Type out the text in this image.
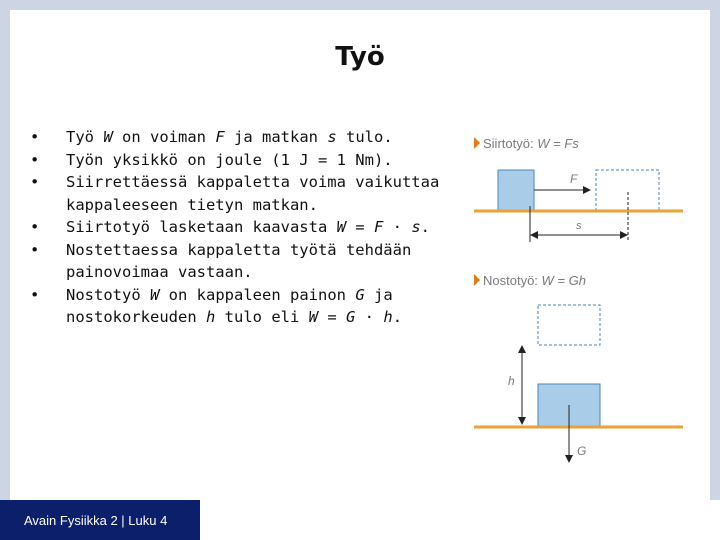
Työ
• Työ W on voiman F ja matkan s tulo.
• Työn yksikkö on joule (1 J = 1 Nm).
• Siirrettäessä kappaletta voima vaikuttaa kappaleeseen tietyn matkan.
• Siirtotyö lasketaan kaavasta W = F · s.
• Nostettaessa kappaletta työtä tehdään painovoimaa vastaan.
• Nostotyö W on kappaleen painon G ja nostokorkeuden h tulo eli W = G · h.
Siirtotyö: W = Fs
F
s
Nostotyö: W = Gh
h
G
Avain Fysiikka 2 | Luku 4
